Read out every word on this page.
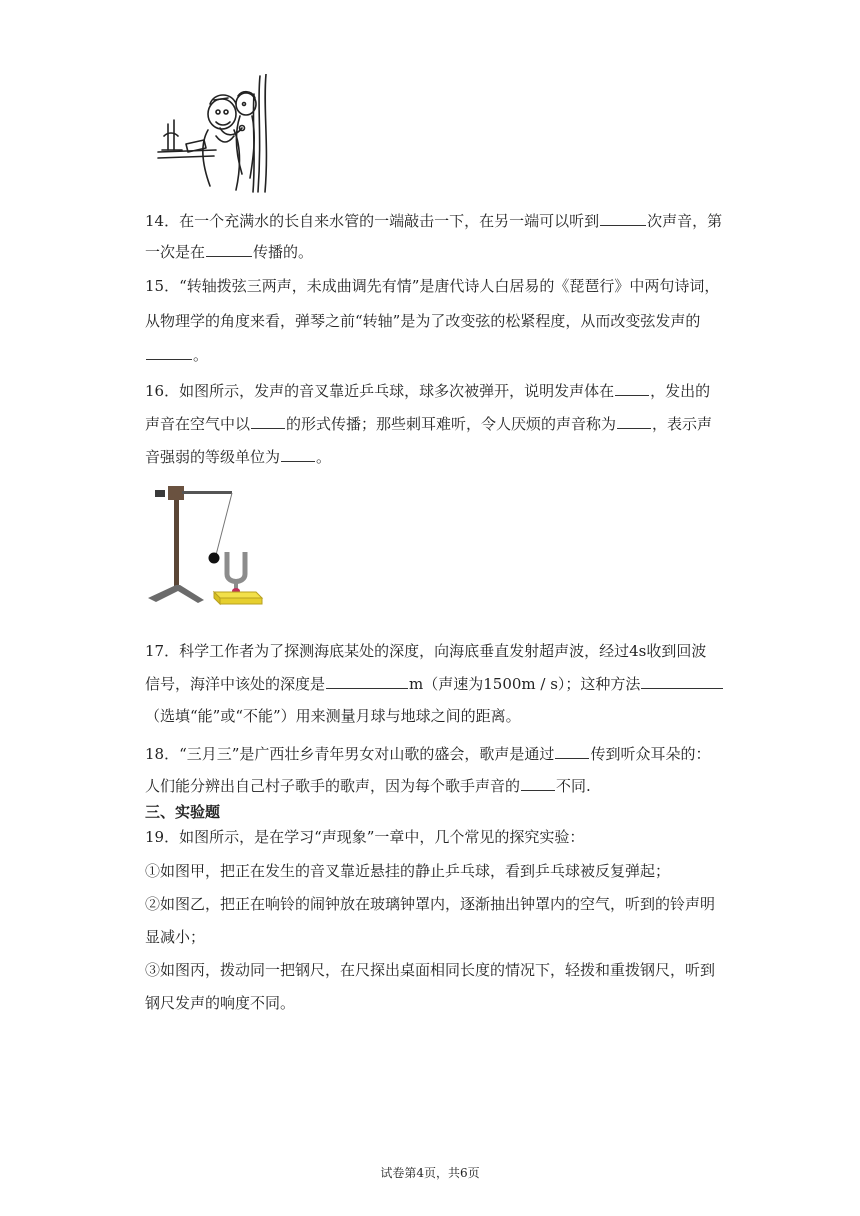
14．在一个充满水的长自来水管的一端敲击一下，在另一端可以听到	次声音，第
一次是在	传播的。
15．“转轴拨弦三两声，未成曲调先有情”是唐代诗人白居易的《琵琶行》中两句诗词，
从物理学的角度来看，弹琴之前“转轴”是为了改变弦的松紧程度，从而改变弦发声的
。
16．如图所示，发声的音叉靠近乒乓球，球多次被弹开，说明发声体在 ，发出的
声音在空气中以 的形式传播；那些刺耳难听，令人厌烦的声音称为 ，表示声
音强弱的等级单位为 。
17．科学工作者为了探测海底某处的深度，向海底垂直发射超声波，经过4s收到回波
信号，海洋中该处的深度是	m（声速为1500m / s）；这种方法
（选填“能”或“不能”）用来测量月球与地球之间的距离。
18．“三月三”是广西壮乡青年男女对山歌的盛会，歌声是通过 传到听众耳朵的：
人们能分辨出自己村子歌手的歌声，因为每个歌手声音的 不同.
三、实验题
19．如图所示，是在学习“声现象”一章中，几个常见的探究实验：
①如图甲，把正在发生的音叉靠近悬挂的静止乒乓球，看到乒乓球被反复弹起；
②如图乙，把正在响铃的闹钟放在玻璃钟罩内，逐渐抽出钟罩内的空气，听到的铃声明
显减小；
③如图丙，拨动同一把钢尺，在尺探出桌面相同长度的情况下，轻拨和重拨钢尺，听到
钢尺发声的响度不同。
试卷第4页，共6页
